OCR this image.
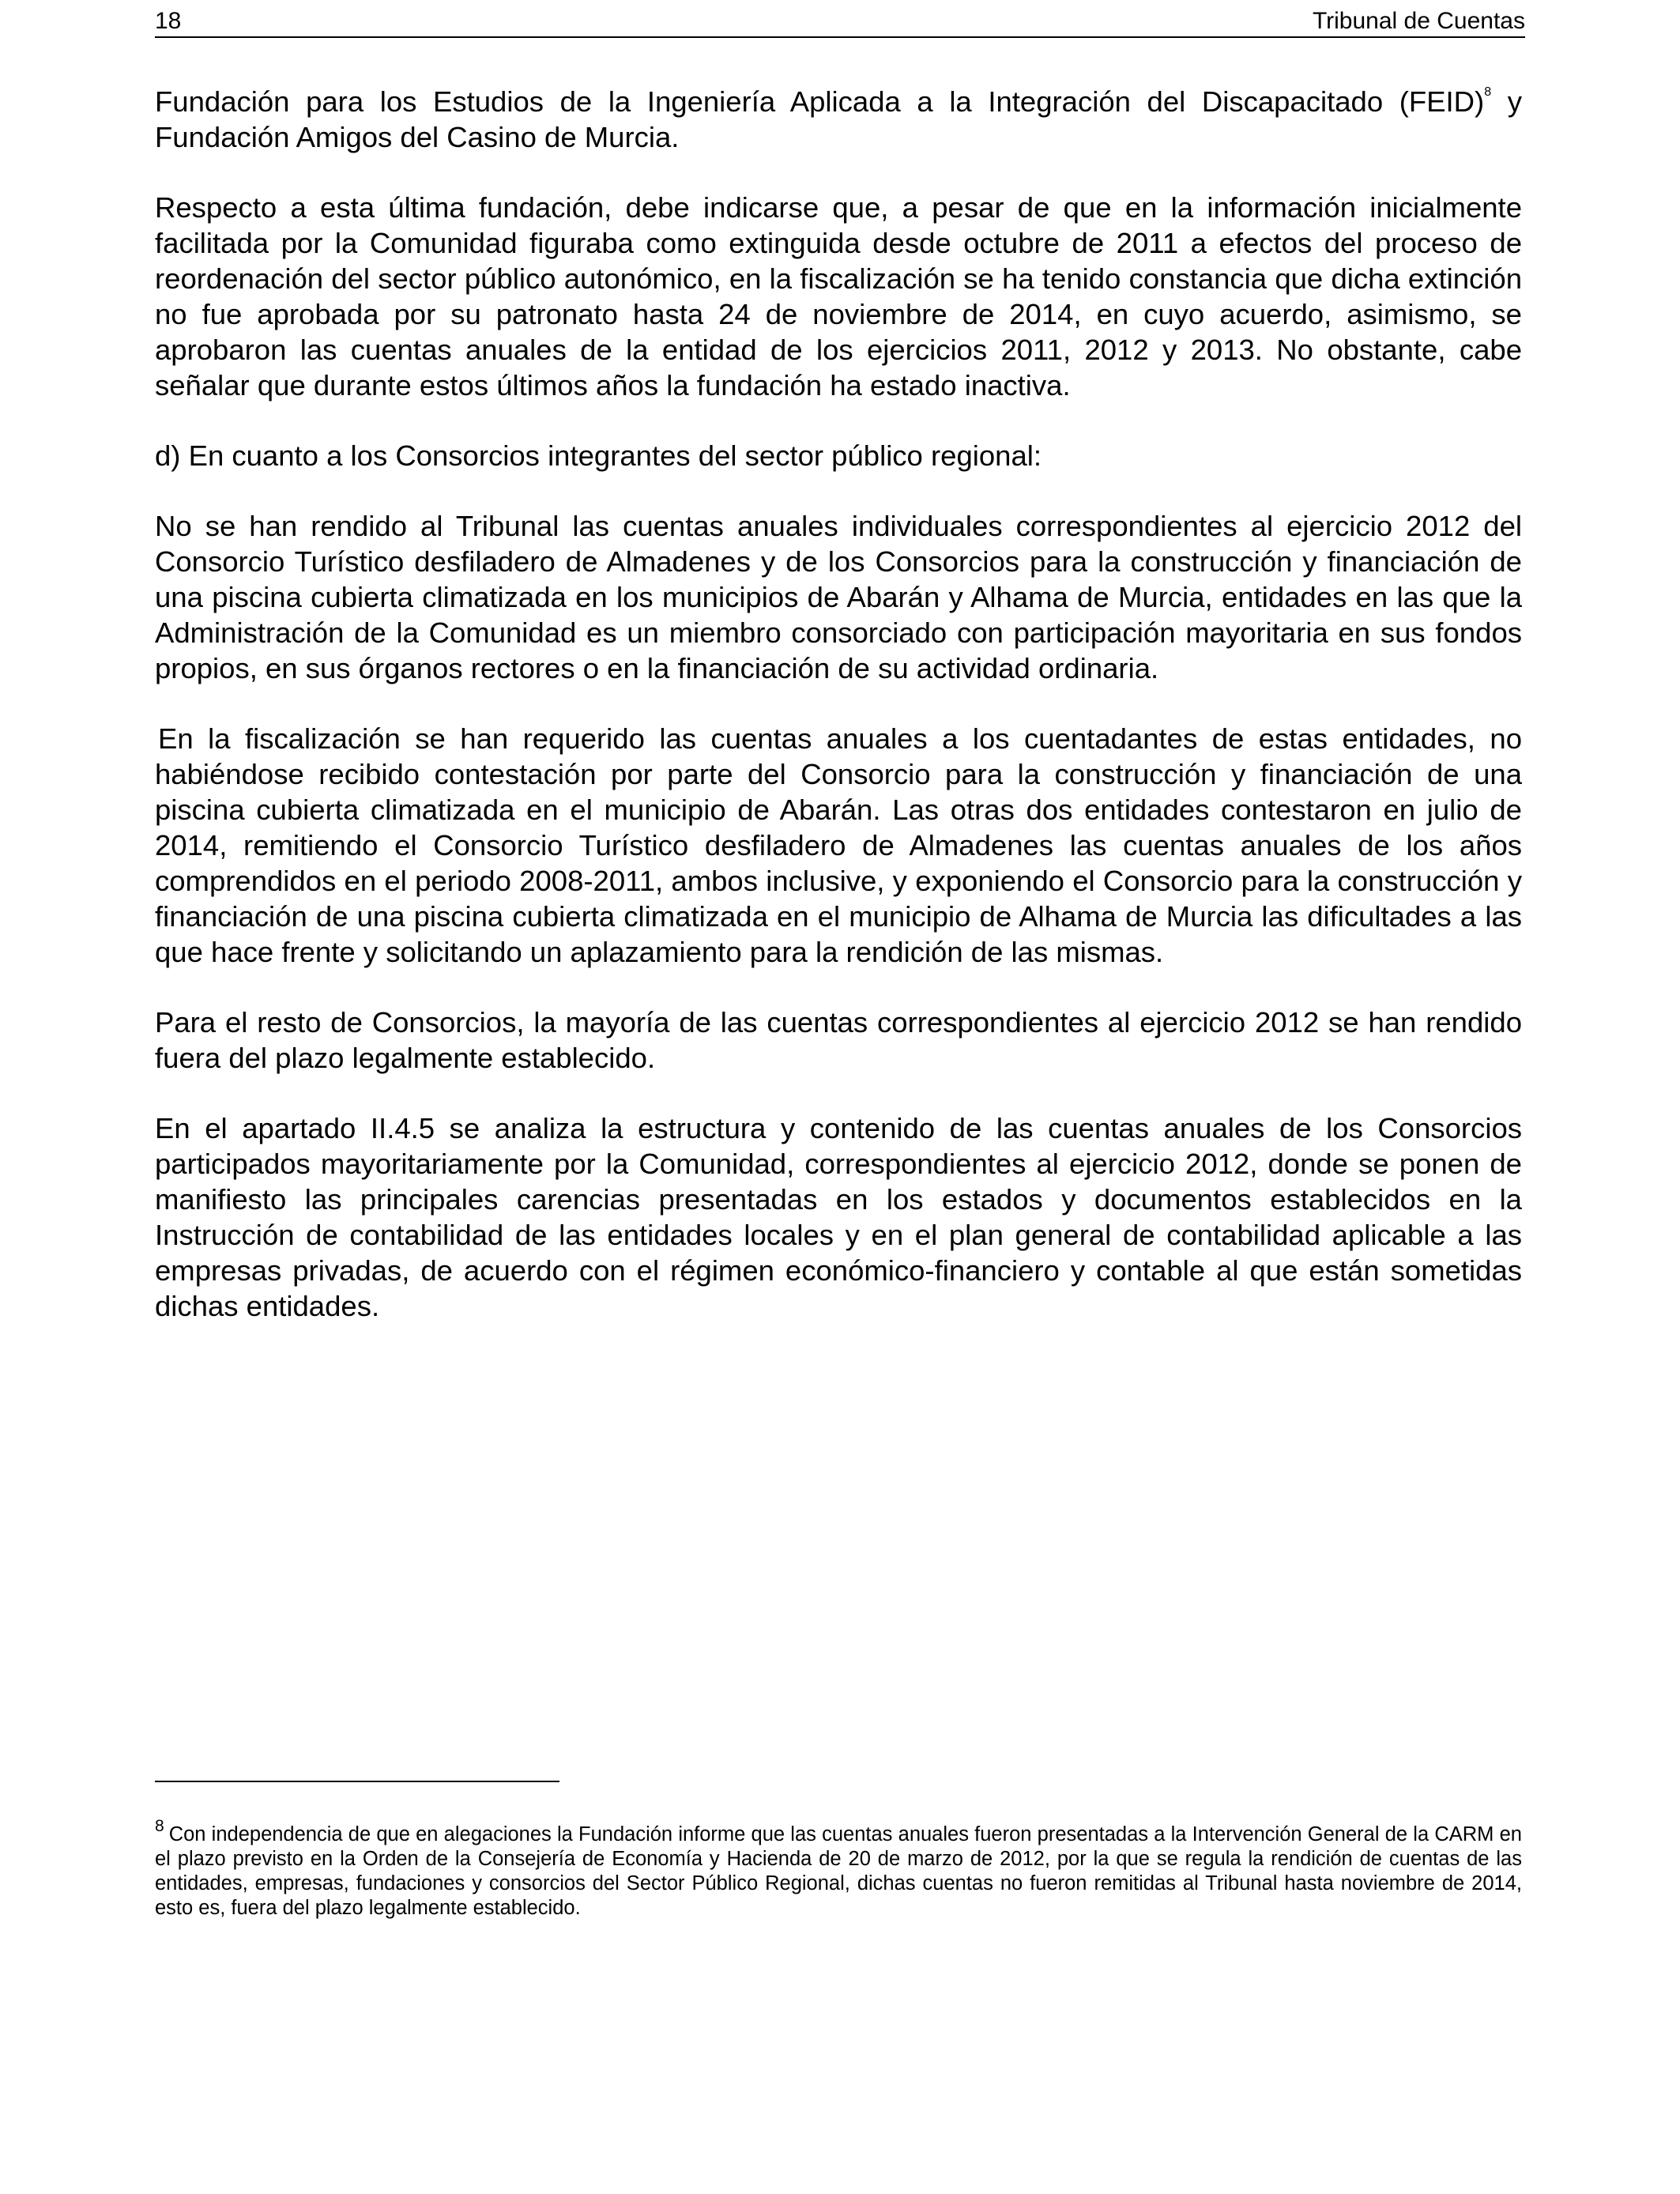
18	Tribunal de Cuentas

Fundación para los Estudios de la Ingeniería Aplicada a la Integración del Discapacitado (FEID)$^8$ y Fundación Amigos del Casino de Murcia.

Respecto a esta última fundación, debe indicarse que, a pesar de que en la información inicialmente facilitada por la Comunidad figuraba como extinguida desde octubre de 2011 a efectos del proceso de reordenación del sector público autonómico, en la fiscalización se ha tenido constancia que dicha extinción no fue aprobada por su patronato hasta 24 de noviembre de 2014, en cuyo acuerdo, asimismo, se aprobaron las cuentas anuales de la entidad de los ejercicios 2011, 2012 y 2013. No obstante, cabe señalar que durante estos últimos años la fundación ha estado inactiva.

d) En cuanto a los Consorcios integrantes del sector público regional:

No se han rendido al Tribunal las cuentas anuales individuales correspondientes al ejercicio 2012 del Consorcio Turístico desfiladero de Almadenes y de los Consorcios para la construcción y financiación de una piscina cubierta climatizada en los municipios de Abarán y Alhama de Murcia, entidades en las que la Administración de la Comunidad es un miembro consorciado con participación mayoritaria en sus fondos propios, en sus órganos rectores o en la financiación de su actividad ordinaria.

En la fiscalización se han requerido las cuentas anuales a los cuentadantes de estas entidades, no habiéndose recibido contestación por parte del Consorcio para la construcción y financiación de una piscina cubierta climatizada en el municipio de Abarán. Las otras dos entidades contestaron en julio de 2014, remitiendo el Consorcio Turístico desfiladero de Almadenes las cuentas anuales de los años comprendidos en el periodo 2008-2011, ambos inclusive, y exponiendo el Consorcio para la construcción y financiación de una piscina cubierta climatizada en el municipio de Alhama de Murcia las dificultades a las que hace frente y solicitando un aplazamiento para la rendición de las mismas.

Para el resto de Consorcios, la mayoría de las cuentas correspondientes al ejercicio 2012 se han rendido fuera del plazo legalmente establecido.

En el apartado II.4.5 se analiza la estructura y contenido de las cuentas anuales de los Consorcios participados mayoritariamente por la Comunidad, correspondientes al ejercicio 2012, donde se ponen de manifiesto las principales carencias presentadas en los estados y documentos establecidos en la Instrucción de contabilidad de las entidades locales y en el plan general de contabilidad aplicable a las empresas privadas, de acuerdo con el régimen económico-financiero y contable al que están sometidas dichas entidades.

$^8$ Con independencia de que en alegaciones la Fundación informe que las cuentas anuales fueron presentadas a la Intervención General de la CARM en el plazo previsto en la Orden de la Consejería de Economía y Hacienda de 20 de marzo de 2012, por la que se regula la rendición de cuentas de las entidades, empresas, fundaciones y consorcios del Sector Público Regional, dichas cuentas no fueron remitidas al Tribunal hasta noviembre de 2014, esto es, fuera del plazo legalmente establecido.
